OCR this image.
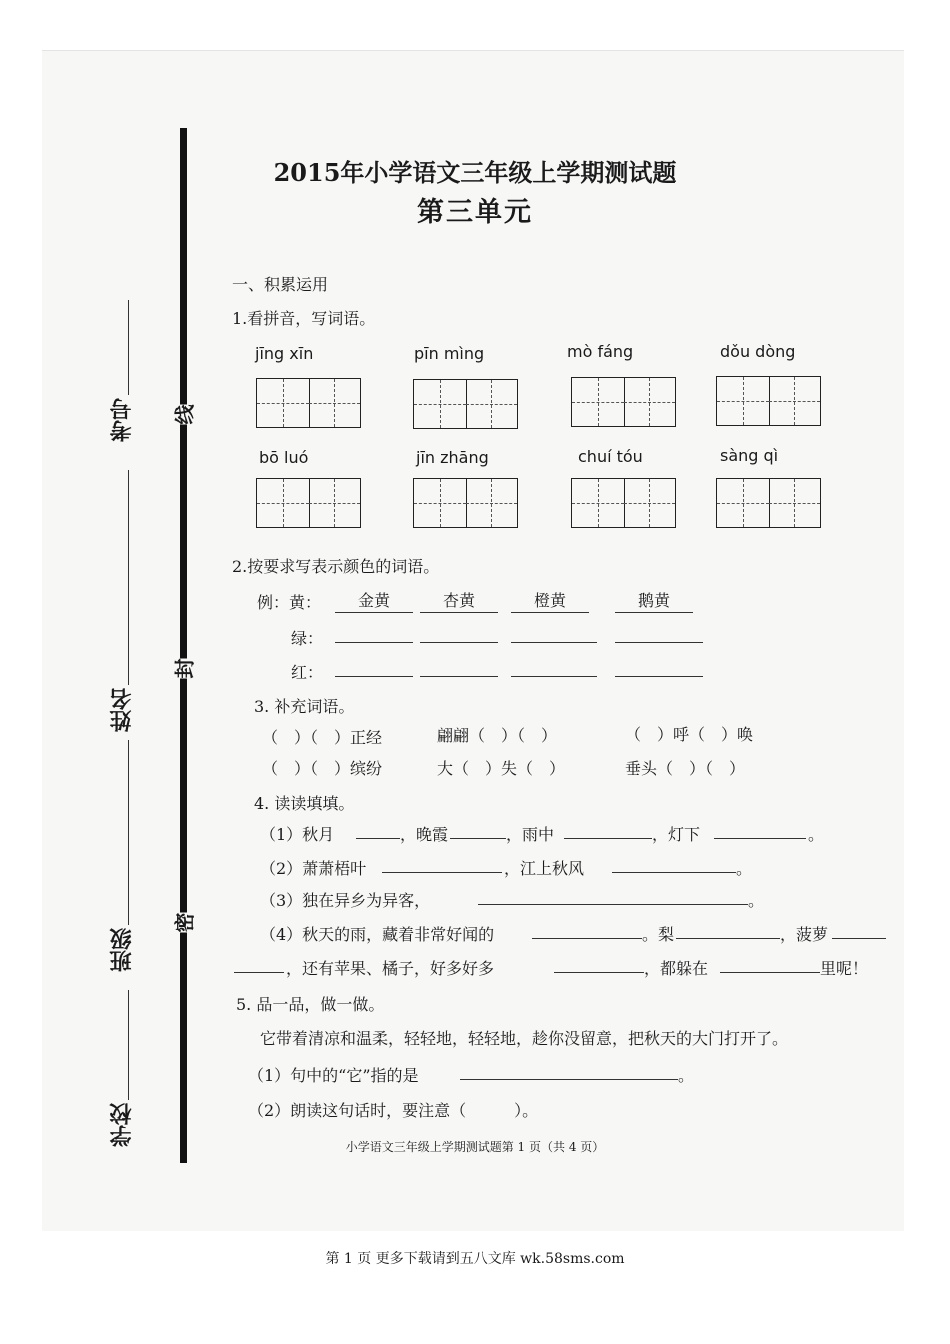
考号
姓名
班级
学校
线
封
密
2015年小学语文三年级上学期测试题
第三单元
一、积累运用
1.看拼音，写词语。
jīng xīn	pīn mìng	mò fáng	dǒu dòng
bō luó	jīn zhāng	chuí tóu	sàng qì
2.按要求写表示颜色的词语。
例：黄：	金黄	杏黄	橙黄	鹅黄
绿：
红：
3. 补充词语。
（　）（　）正经	翩翩（　）（　）	（　）呼（　）唤
（　）（　）缤纷	大（　）失（　）	垂头（　）（　）
4. 读读填填。
（1）秋月	，晚霞	，雨中	，灯下	。
（2）萧萧梧叶	，江上秋风	。
（3）独在异乡为异客，	。
（4）秋天的雨，藏着非常好闻的	。梨	，菠萝
，还有苹果、橘子，好多好多	，都躲在	里呢！
5. 品一品，做一做。
它带着清凉和温柔，轻轻地，轻轻地，趁你没留意，把秋天的大门打开了。
（1）句中的“它”指的是	。
（2）朗读这句话时，要注意（　　　）。
小学语文三年级上学期测试题第 1 页（共 4 页）
第 1 页 更多下载请到五八文库 wk.58sms.com
